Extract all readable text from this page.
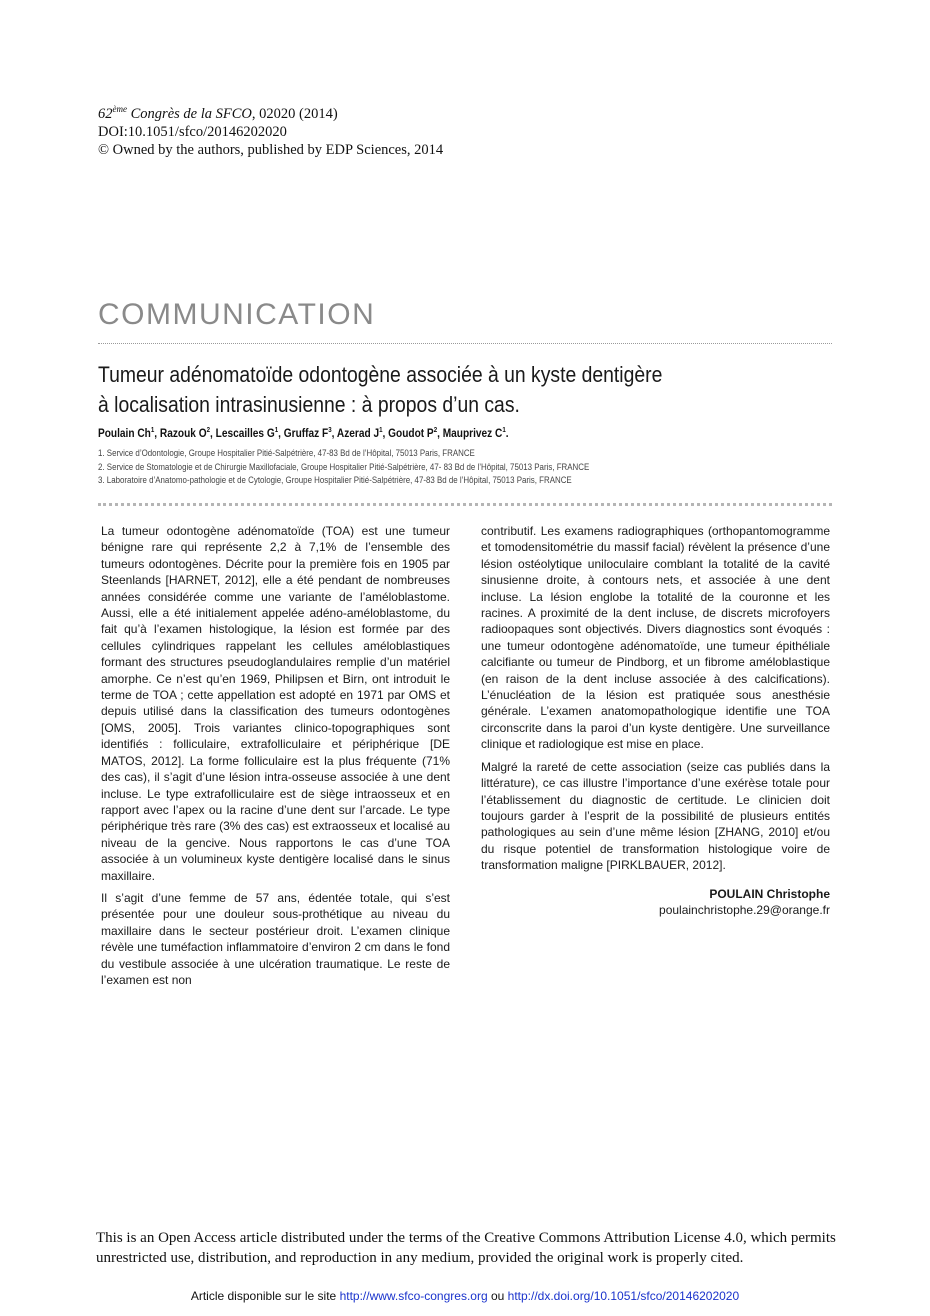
62ème Congrès de la SFCO, 02020 (2014)
DOI:10.1051/sfco/20146202020
© Owned by the authors, published by EDP Sciences, 2014
COMMUNICATION
Tumeur adénomatoïde odontogène associée à un kyste dentigère
à localisation intrasinusienne : à propos d’un cas.
Poulain Ch$^1$, Razouk $O^2$, Lescailles $G^1$, Gruffaz $F^3$, Azerad $J^1$, Goudot $P^2$, Mauprivez $C^1$.
1. Service d’Odontologie, Groupe Hospitalier Pitié-Salpétrière, 47-83 Bd de l’Hôpital, 75013 Paris, FRANCE
2. Service de Stomatologie et de Chirurgie Maxillofaciale, Groupe Hospitalier Pitié-Salpétrière, 47- 83 Bd de l’Hôpital, 75013 Paris, FRANCE
3. Laboratoire d’Anatomo-pathologie et de Cytologie, Groupe Hospitalier Pitié-Salpétrière, 47-83 Bd de l’Hôpital, 75013 Paris, FRANCE

La tumeur odontogène adénomatoïde (TOA) est une tumeur bénigne rare qui représente 2,2 à 7,1% de l’ensemble des tumeurs odontogènes. Décrite pour la première fois en 1905 par Steenlands [HARNET, 2012], elle a été pendant de nombreuses années considérée comme une variante de l’améloblastome. Aussi, elle a été initialement appelée adéno-améloblastome, du fait qu’à l’examen histologique, la lésion est formée par des cellules cylindriques rappelant les cellules améloblastiques formant des structures pseudoglandulaires remplie d’un matériel amorphe. Ce n’est qu’en 1969, Philipsen et Birn, ont introduit le terme de TOA ; cette appellation est adopté en 1971 par OMS et depuis utilisé dans la classification des tumeurs odontogènes [OMS, 2005]. Trois variantes clinico-topographiques sont identifiés : folliculaire, extrafolliculaire et périphérique [DE MATOS, 2012]. La forme folliculaire est la plus fréquente (71% des cas), il s’agit d’une lésion intra-osseuse associée à une dent incluse. Le type extrafolliculaire est de siège intraosseux et en rapport avec l’apex ou la racine d’une dent sur l’arcade. Le type périphérique très rare (3% des cas) est extraosseux et localisé au niveau de la gencive. Nous rapportons le cas d’une TOA associée à un volumineux kyste dentigère localisé dans le sinus maxillaire.

Il s’agit d’une femme de 57 ans, édentée totale, qui s’est présentée pour une douleur sous-prothétique au niveau du maxillaire dans le secteur postérieur droit. L’examen clinique révèle une tuméfaction inflammatoire d’environ 2 cm dans le fond du vestibule associée à une ulcération traumatique. Le reste de l’examen est non

contributif. Les examens radiographiques (orthopantomogramme et tomodensitométrie du massif facial) révèlent la présence d’une lésion ostéolytique uniloculaire comblant la totalité de la cavité sinusienne droite, à contours nets, et associée à une dent incluse. La lésion englobe la totalité de la couronne et les racines. A proximité de la dent incluse, de discrets microfoyers radioopaques sont objectivés. Divers diagnostics sont évoqués : une tumeur odontogène adénomatoïde, une tumeur épithéliale calcifiante ou tumeur de Pindborg, et un fibrome améloblastique (en raison de la dent incluse associée à des calcifications). L’énucléation de la lésion est pratiquée sous anesthésie générale. L’examen anatomopathologique identifie une TOA circonscrite dans la paroi d’un kyste dentigère. Une surveillance clinique et radiologique est mise en place.

Malgré la rareté de cette association (seize cas publiés dans la littérature), ce cas illustre l’importance d’une exérèse totale pour l’établissement du diagnostic de certitude. Le clinicien doit toujours garder à l’esprit de la possibilité de plusieurs entités pathologiques au sein d’une même lésion [ZHANG, 2010] et/ou du risque potentiel de transformation histologique voire de transformation maligne [PIRKLBAUER, 2012].

POULAIN Christophe
poulainchristophe.29@orange.fr

This is an Open Access article distributed under the terms of the Creative Commons Attribution License 4.0, which permits unrestricted use, distribution, and reproduction in any medium, provided the original work is properly cited.
Article disponible sur le site http://www.sfco-congres.org ou http://dx.doi.org/10.1051/sfco/20146202020
